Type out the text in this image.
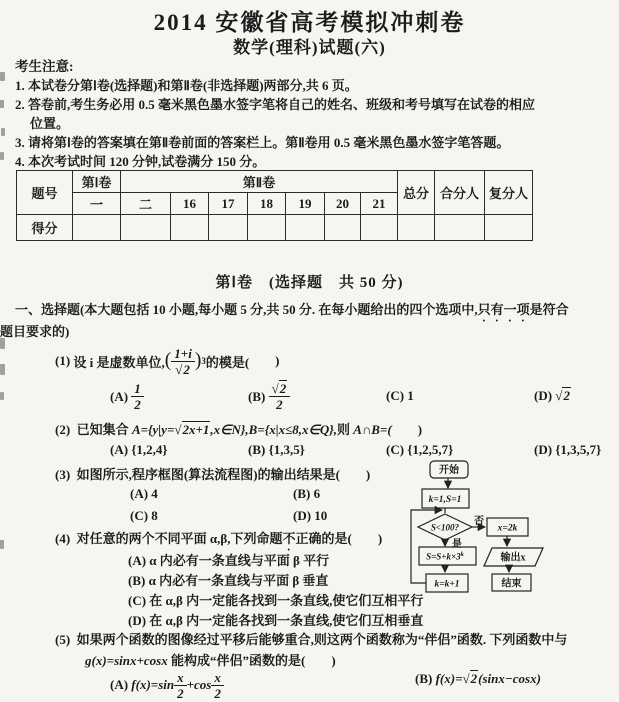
2014 安徽省高考模拟冲刺卷
数学(理科)试题(六)
考生注意:
1. 本试卷分第Ⅰ卷(选择题)和第Ⅱ卷(非选择题)两部分,共 6 页。
2. 答卷前,考生务必用 0.5 毫米黑色墨水签字笔将自己的姓名、班级和考号填写在试卷的相应
位置。
3. 请将第Ⅰ卷的答案填在第Ⅱ卷前面的答案栏上。第Ⅱ卷用 0.5 毫米黑色墨水签字笔答题。
4. 本次考试时间 120 分钟,试卷满分 150 分。
题号	第Ⅰ卷	第Ⅱ卷							总分	合分人	复分人
	一	二	16	17	18	19	20	21			
得分											
第Ⅰ卷　(选择题　共 50 分)
一、选择题(本大题包括 10 小题,每小题 5 分,共 50 分. 在每小题给出的四个选项中,只有一项是符合
题目要求的)
(1)
设 i 是虚数单位, ( $\frac{1+i}{√2}$ ) 3 的模是( )
$(A) \frac{1}{2}$	$(B) \frac{√2}{2}$	(C) 1	(D) √2
(2) 已知集合 A={y|y=√2x+1,x∈N},B={x|x≤8,x∈Q},则 A∩B=( )
(A) {1,2,4}	(B) {1,3,5}	(C) {1,2,5,7}	(D) {1,3,5,7}
(3) 如图所示,程序框图(算法流程图)的输出结果是( )
(A) 4	(B) 6
(C) 8	(D) 10
(4) 对任意的两个不同平面 α,β,下列命题不正确的是( )
(A) α 内必有一条直线与平面 β 平行
(B) α 内必有一条直线与平面 β 垂直
(C) 在 α,β 内一定能各找到一条直线,使它们互相平行
(D) 在 α,β 内一定能各找到一条直线,使它们互相垂直
(5) 如果两个函数的图像经过平移后能够重合,则这两个函数称为“伴侣”函数. 下列函数中与
g(x)=sinx+cosx 能构成“伴侣”函数的是( )
(A)
$f(x)=\sin \frac{x}{2} +\cos \frac{x}{2}$	(B) f(x)=√2(sinx−cosx)
开始
k=1,S=1
S<100?
否
是
x=2k
$S=S+k\times 3^k$
k=k+1
输出x
结束
